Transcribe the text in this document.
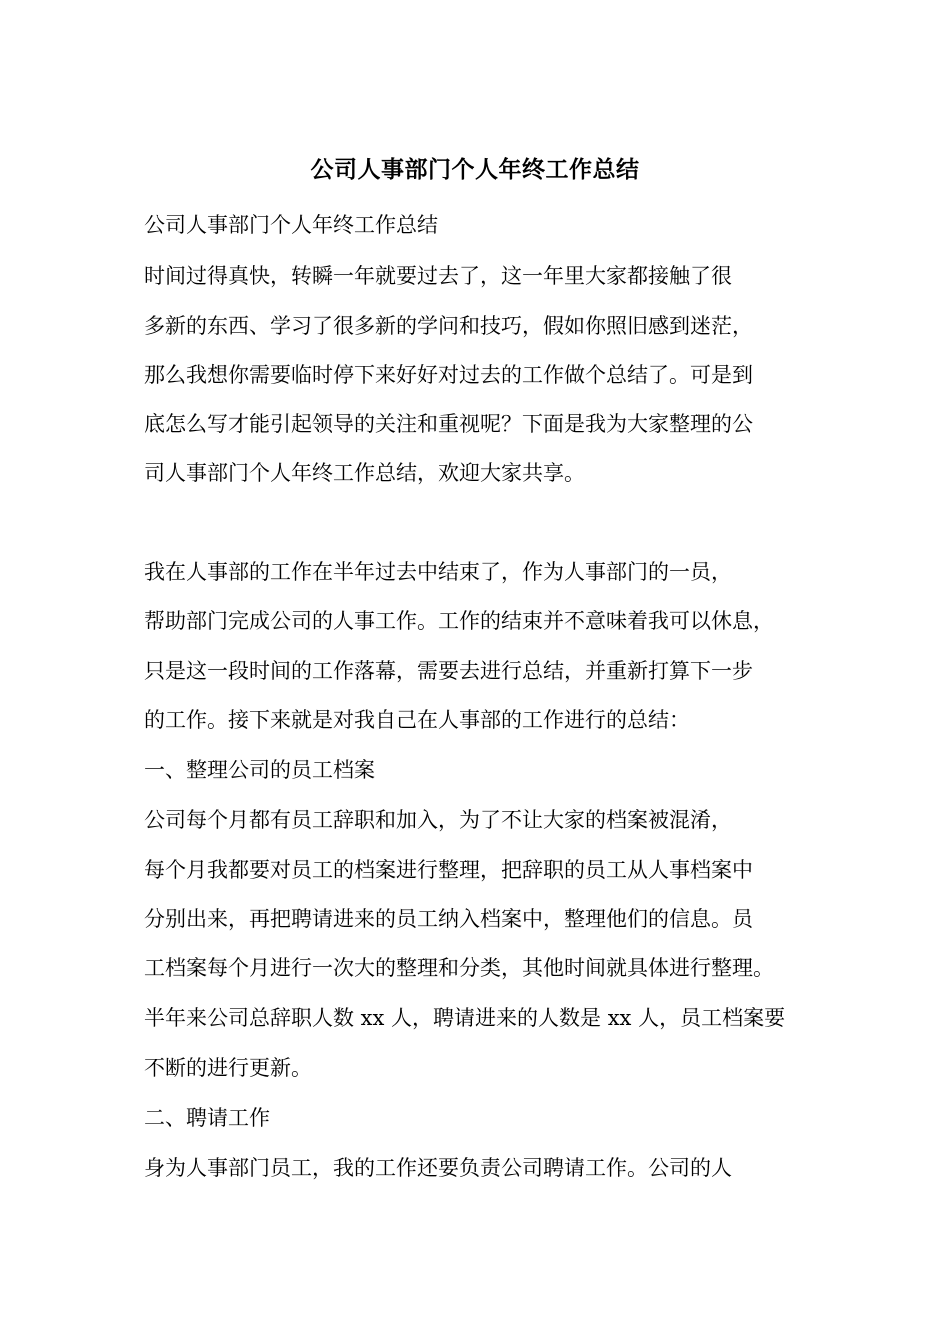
公司人事部门个人年终工作总结
公司人事部门个人年终工作总结
时间过得真快，转瞬一年就要过去了，这一年里大家都接触了很
多新的东西、学习了很多新的学问和技巧，假如你照旧感到迷茫，
那么我想你需要临时停下来好好对过去的工作做个总结了。可是到
底怎么写才能引起领导的关注和重视呢？下面是我为大家整理的公
司人事部门个人年终工作总结，欢迎大家共享。
我在人事部的工作在半年过去中结束了，作为人事部门的一员，
帮助部门完成公司的人事工作。工作的结束并不意味着我可以休息，
只是这一段时间的工作落幕，需要去进行总结，并重新打算下一步
的工作。接下来就是对我自己在人事部的工作进行的总结：
一、整理公司的员工档案
公司每个月都有员工辞职和加入，为了不让大家的档案被混淆，
每个月我都要对员工的档案进行整理，把辞职的员工从人事档案中
分别出来，再把聘请进来的员工纳入档案中，整理他们的信息。员
工档案每个月进行一次大的整理和分类，其他时间就具体进行整理。
半年来公司总辞职人数 xx 人，聘请进来的人数是 xx 人，员工档案要
不断的进行更新。
二、聘请工作
身为人事部门员工，我的工作还要负责公司聘请工作。公司的人
